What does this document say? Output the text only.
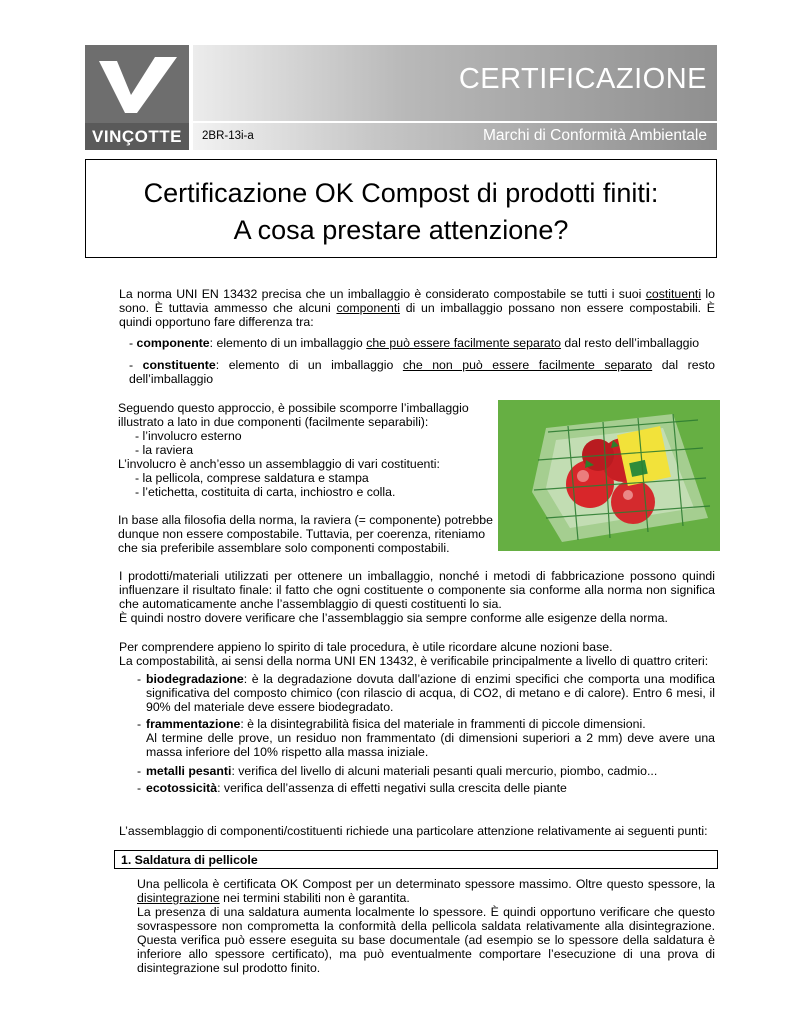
VINÇOTTE
CERTIFICAZIONE
2BR-13i-a	Marchi di Conformità Ambientale
Certificazione OK Compost di prodotti finiti:
A cosa prestare attenzione?
La norma UNI EN 13432 precisa che un imballaggio è considerato compostabile se tutti i suoi costituenti lo sono. È tuttavia ammesso che alcuni componenti di un imballaggio possano non essere compostabili. È quindi opportuno fare differenza tra:
- componente: elemento di un imballaggio che può essere facilmente separato dal resto dell’imballaggio
- constituente: elemento di un imballaggio che non può essere facilmente separato dal resto dell’imballaggio
Seguendo questo approccio, è possibile scomporre l’imballaggio illustrato a lato in due componenti (facilmente separabili):
- l’involucro esterno
- la raviera
L’involucro è anch’esso un assemblaggio di vari costituenti:
- la pellicola, comprese saldatura e stampa
- l’etichetta, costituita di carta, inchiostro e colla.
In base alla filosofia della norma, la raviera (= componente) potrebbe dunque non essere compostabile. Tuttavia, per coerenza, riteniamo che sia preferibile assemblare solo componenti compostabili.
I prodotti/materiali utilizzati per ottenere un imballaggio, nonché i metodi di fabbricazione possono quindi influenzare il risultato finale: il fatto che ogni costituente o componente sia conforme alla norma non significa che automaticamente anche l’assemblaggio di questi costituenti lo sia.
È quindi nostro dovere verificare che l’assemblaggio sia sempre conforme alle esigenze della norma.
Per comprendere appieno lo spirito di tale procedura, è utile ricordare alcune nozioni base.
La compostabilità, ai sensi della norma UNI EN 13432, è verificabile principalmente a livello di quattro criteri:
- biodegradazione: è la degradazione dovuta dall’azione di enzimi specifici che comporta una modifica significativa del composto chimico (con rilascio di acqua, di CO2, di metano e di calore). Entro 6 mesi, il 90% del materiale deve essere biodegradato.
- frammentazione: è la disintegrabilità fisica del materiale in frammenti di piccole dimensioni.
Al termine delle prove, un residuo non frammentato (di dimensioni superiori a 2 mm) deve avere una massa inferiore del 10% rispetto alla massa iniziale.
- metalli pesanti: verifica del livello di alcuni materiali pesanti quali mercurio, piombo, cadmio...
- ecotossicità: verifica dell’assenza di effetti negativi sulla crescita delle piante
L’assemblaggio di componenti/costituenti richiede una particolare attenzione relativamente ai seguenti punti:
1. Saldatura di pellicole
Una pellicola è certificata OK Compost per un determinato spessore massimo. Oltre questo spessore, la disintegrazione nei termini stabiliti non è garantita.
La presenza di una saldatura aumenta localmente lo spessore. È quindi opportuno verificare che questo sovraspessore non comprometta la conformità della pellicola saldata relativamente alla disintegrazione. Questa verifica può essere eseguita su base documentale (ad esempio se lo spessore della saldatura è inferiore allo spessore certificato), ma può eventualmente comportare l’esecuzione di una prova di disintegrazione sul prodotto finito.
